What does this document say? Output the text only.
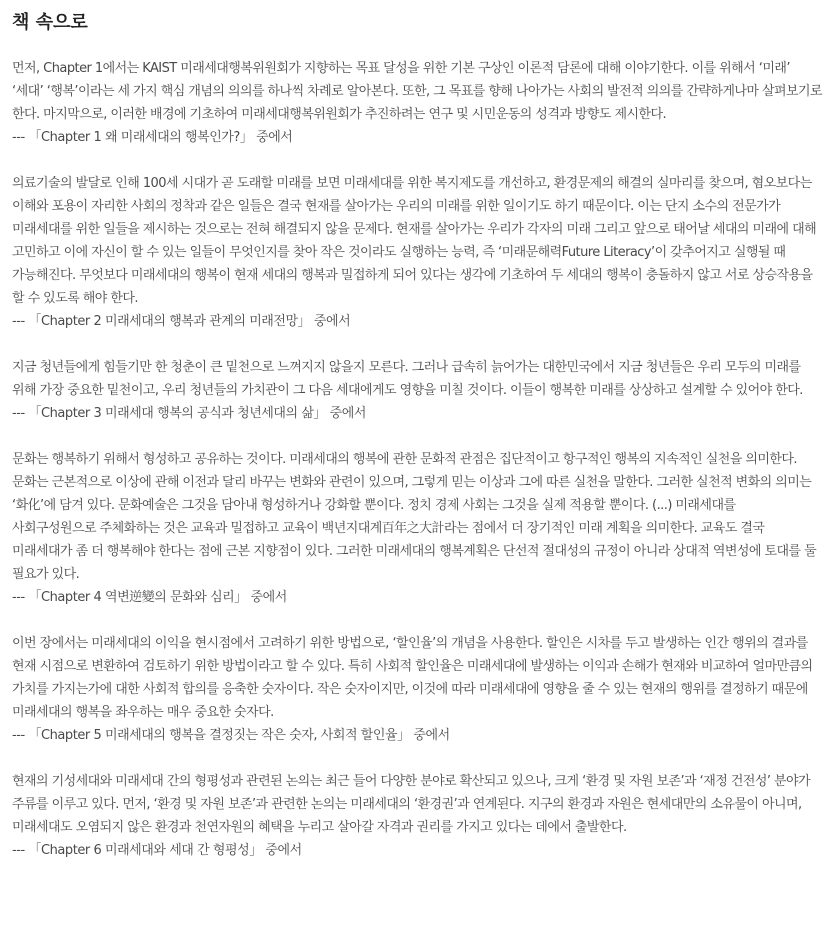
책 속으로

먼저, Chapter 1에서는 KAIST 미래세대행복위원회가 지향하는 목표 달성을 위한 기본 구상인 이론적 담론에 대해 이야기한다. 이를 위해서 ‘미래’ ‘세대’ ‘행복’이라는 세 가지 핵심 개념의 의의를 하나씩 차례로 알아본다. 또한, 그 목표를 향해 나아가는 사회의 발전적 의의를 간략하게나마 살펴보기로 한다. 마지막으로, 이러한 배경에 기초하여 미래세대행복위원회가 추진하려는 연구 및 시민운동의 성격과 방향도 제시한다.

--- 「Chapter 1 왜 미래세대의 행복인가?」 중에서

의료기술의 발달로 인해 100세 시대가 곧 도래할 미래를 보면 미래세대를 위한 복지제도를 개선하고, 환경문제의 해결의 실마리를 찾으며, 혐오보다는 이해와 포용이 자리한 사회의 정착과 같은 일들은 결국 현재를 살아가는 우리의 미래를 위한 일이기도 하기 때문이다. 이는 단지 소수의 전문가가 미래세대를 위한 일들을 제시하는 것으로는 전혀 해결되지 않을 문제다. 현재를 살아가는 우리가 각자의 미래 그리고 앞으로 태어날 세대의 미래에 대해 고민하고 이에 자신이 할 수 있는 일들이 무엇인지를 찾아 작은 것이라도 실행하는 능력, 즉 ‘미래문해력Future Literacy’이 갖추어지고 실행될 때 가능해진다. 무엇보다 미래세대의 행복이 현재 세대의 행복과 밀접하게 되어 있다는 생각에 기초하여 두 세대의 행복이 충돌하지 않고 서로 상승작용을 할 수 있도록 해야 한다.

--- 「Chapter 2 미래세대의 행복과 관계의 미래전망」 중에서

지금 청년들에게 힘들기만 한 청춘이 큰 밑천으로 느껴지지 않을지 모른다. 그러나 급속히 늙어가는 대한민국에서 지금 청년들은 우리 모두의 미래를 위해 가장 중요한 밑천이고, 우리 청년들의 가치관이 그 다음 세대에게도 영향을 미칠 것이다. 이들이 행복한 미래를 상상하고 설계할 수 있어야 한다.

--- 「Chapter 3 미래세대 행복의 공식과 청년세대의 삶」 중에서

문화는 행복하기 위해서 형성하고 공유하는 것이다. 미래세대의 행복에 관한 문화적 관점은 집단적이고 항구적인 행복의 지속적인 실천을 의미한다. 문화는 근본적으로 이상에 관해 이전과 달리 바꾸는 변화와 관련이 있으며, 그렇게 믿는 이상과 그에 따른 실천을 말한다. 그러한 실천적 변화의 의미는 ‘화化’에 담겨 있다. 문화예술은 그것을 담아내 형성하거나 강화할 뿐이다. 정치 경제 사회는 그것을 실제 적용할 뿐이다. (...) 미래세대를 사회구성원으로 주체화하는 것은 교육과 밀접하고 교육이 백년지대계百年之大計라는 점에서 더 장기적인 미래 계획을 의미한다. 교육도 결국 미래세대가 좀 더 행복해야 한다는 점에 근본 지향점이 있다. 그러한 미래세대의 행복계획은 단선적 절대성의 규정이 아니라 상대적 역변성에 토대를 둘 필요가 있다.

--- 「Chapter 4 역변逆變의 문화와 심리」 중에서

이번 장에서는 미래세대의 이익을 현시점에서 고려하기 위한 방법으로, ‘할인율’의 개념을 사용한다. 할인은 시차를 두고 발생하는 인간 행위의 결과를 현재 시점으로 변환하여 검토하기 위한 방법이라고 할 수 있다. 특히 사회적 할인율은 미래세대에 발생하는 이익과 손해가 현재와 비교하여 얼마만큼의 가치를 가지는가에 대한 사회적 합의를 응축한 숫자이다. 작은 숫자이지만, 이것에 따라 미래세대에 영향을 줄 수 있는 현재의 행위를 결정하기 때문에 미래세대의 행복을 좌우하는 매우 중요한 숫자다.

--- 「Chapter 5 미래세대의 행복을 결정짓는 작은 숫자, 사회적 할인율」 중에서

현재의 기성세대와 미래세대 간의 형평성과 관련된 논의는 최근 들어 다양한 분야로 확산되고 있으나, 크게 ‘환경 및 자원 보존’과 ‘재정 건전성’ 분야가 주류를 이루고 있다. 먼저, ‘환경 및 자원 보존’과 관련한 논의는 미래세대의 ‘환경권’과 연계된다. 지구의 환경과 자원은 현세대만의 소유물이 아니며, 미래세대도 오염되지 않은 환경과 천연자원의 혜택을 누리고 살아갈 자격과 권리를 가지고 있다는 데에서 출발한다.

--- 「Chapter 6 미래세대와 세대 간 형평성」 중에서
